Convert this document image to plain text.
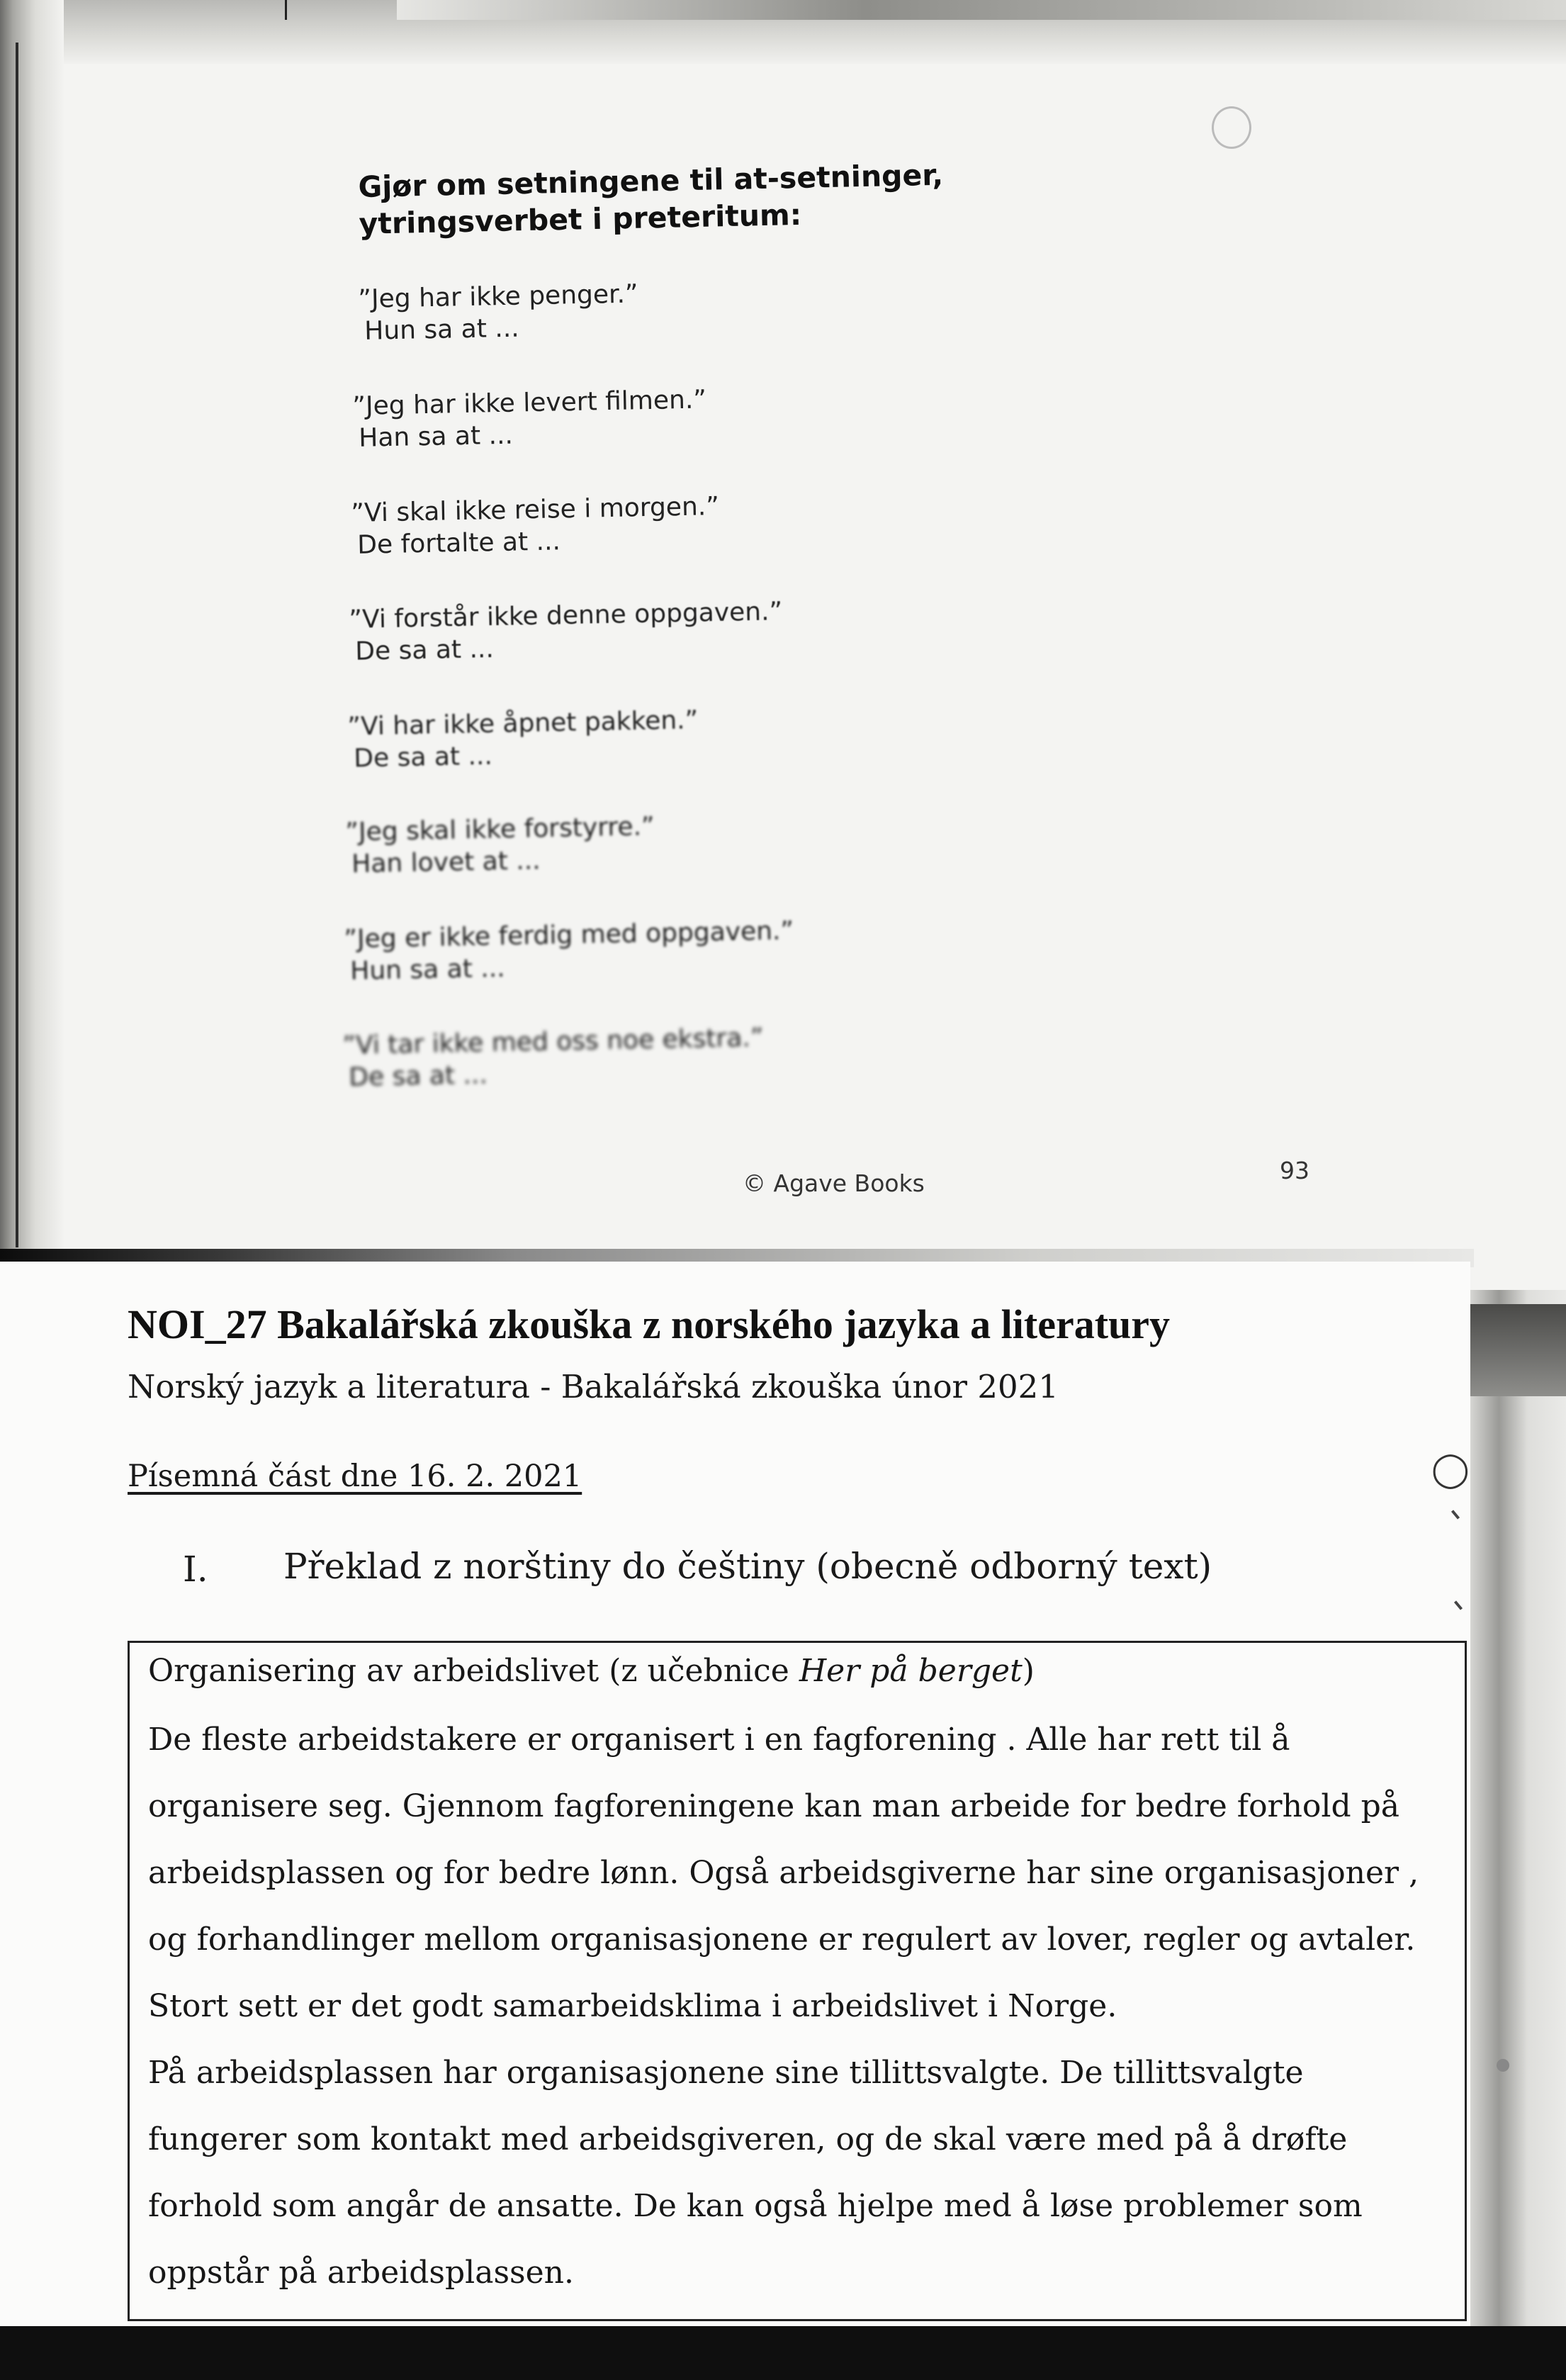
Gjør om setningene til at-setninger,
ytringsverbet i preteritum:
”Jeg har ikke penger.”
Hun sa at ...
”Jeg har ikke levert filmen.”
Han sa at ...
”Vi skal ikke reise i morgen.”
De fortalte at ...
”Vi forstår ikke denne oppgaven.”
De sa at ...
”Vi har ikke åpnet pakken.”
De sa at ...
”Jeg skal ikke forstyrre.”
Han lovet at ...
”Jeg er ikke ferdig med oppgaven.”
Hun sa at ...
”Vi tar ikke med oss noe ekstra.”
De sa at ...
© Agave Books	93
NOI_27 Bakalářská zkouška z norského jazyka a literatury
Norský jazyk a literatura - Bakalářská zkouška únor 2021
Písemná část dne 16. 2. 2021
I. Překlad z norštiny do češtiny (obecně odborný text)
◯

Organisering av arbeidslivet (z učebnice Her på berget)

De fleste arbeidstakere er organisert i en fagforening . Alle har rett til å

organisere seg. Gjennom fagforeningene kan man arbeide for bedre forhold på

arbeidsplassen og for bedre lønn. Også arbeidsgiverne har sine organisasjoner ,

og forhandlinger mellom organisasjonene er regulert av lover, regler og avtaler.

Stort sett er det godt samarbeidsklima i arbeidslivet i Norge.

På arbeidsplassen har organisasjonene sine tillittsvalgte. De tillittsvalgte

fungerer som kontakt med arbeidsgiveren, og de skal være med på å drøfte

forhold som angår de ansatte. De kan også hjelpe med å løse problemer som

oppstår på arbeidsplassen.
